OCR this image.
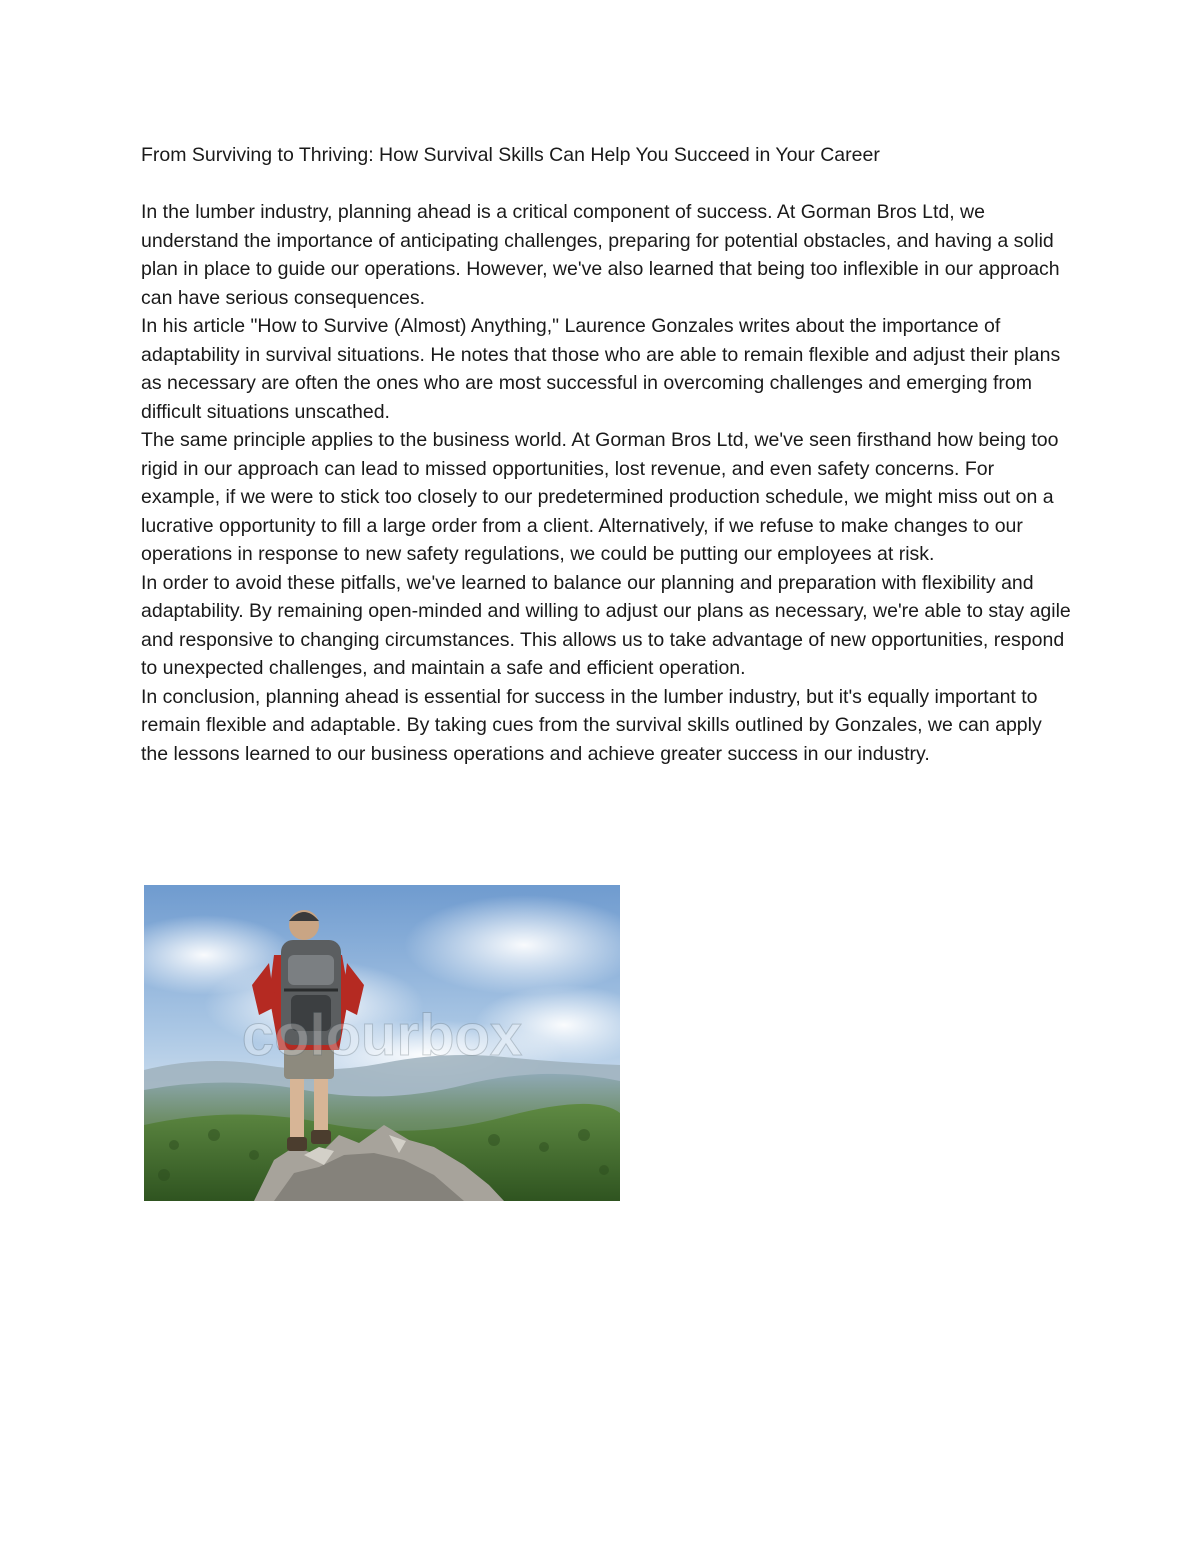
From Surviving to Thriving: How Survival Skills Can Help You Succeed in Your Career

In the lumber industry, planning ahead is a critical component of success. At Gorman Bros Ltd, we understand the importance of anticipating challenges, preparing for potential obstacles, and having a solid plan in place to guide our operations. However, we've also learned that being too inflexible in our approach can have serious consequences.

In his article "How to Survive (Almost) Anything," Laurence Gonzales writes about the importance of adaptability in survival situations. He notes that those who are able to remain flexible and adjust their plans as necessary are often the ones who are most successful in overcoming challenges and emerging from difficult situations unscathed.

The same principle applies to the business world. At Gorman Bros Ltd, we've seen firsthand how being too rigid in our approach can lead to missed opportunities, lost revenue, and even safety concerns. For example, if we were to stick too closely to our predetermined production schedule, we might miss out on a lucrative opportunity to fill a large order from a client. Alternatively, if we refuse to make changes to our operations in response to new safety regulations, we could be putting our employees at risk.

In order to avoid these pitfalls, we've learned to balance our planning and preparation with flexibility and adaptability. By remaining open-minded and willing to adjust our plans as necessary, we're able to stay agile and responsive to changing circumstances. This allows us to take advantage of new opportunities, respond to unexpected challenges, and maintain a safe and efficient operation.

In conclusion, planning ahead is essential for success in the lumber industry, but it's equally important to remain flexible and adaptable. By taking cues from the survival skills outlined by Gonzales, we can apply the lessons learned to our business operations and achieve greater success in our industry.

colourbox
